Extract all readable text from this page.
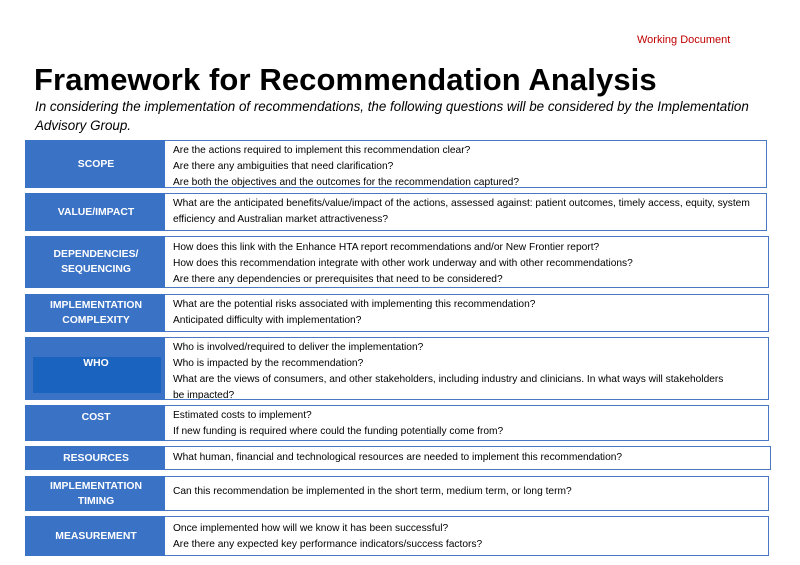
Working Document
Framework for Recommendation Analysis
In considering the implementation of recommendations, the following questions will be considered by the Implementation Advisory Group.
SCOPE
Are the actions required to implement this recommendation clear?
Are there any ambiguities that need clarification?
Are both the objectives and the outcomes for the recommendation captured?
VALUE/IMPACT
What are the anticipated benefits/value/impact of the actions, assessed against: patient outcomes, timely access, equity, system efficiency and Australian market attractiveness?
DEPENDENCIES/
SEQUENCING
How does this link with the Enhance HTA report recommendations and/or New Frontier report?
How does this recommendation integrate with other work underway and with other recommendations?
Are there any dependencies or prerequisites that need to be considered?
IMPLEMENTATION
COMPLEXITY
What are the potential risks associated with implementing this recommendation?
Anticipated difficulty with implementation?

WHO

Who is involved/required to deliver the implementation?
Who is impacted by the recommendation?
What are the views of consumers, and other stakeholders, including industry and clinicians. In what ways will stakeholders be impacted?
COST	Estimated costs to implement?
If new funding is required where could the funding potentially come from?
RESOURCES	What human, financial and technological resources are needed to implement this recommendation?
IMPLEMENTATION
TIMING
Can this recommendation be implemented in the short term, medium term, or long term?
MEASUREMENT
Once implemented how will we know it has been successful?
Are there any expected key performance indicators/success factors?
